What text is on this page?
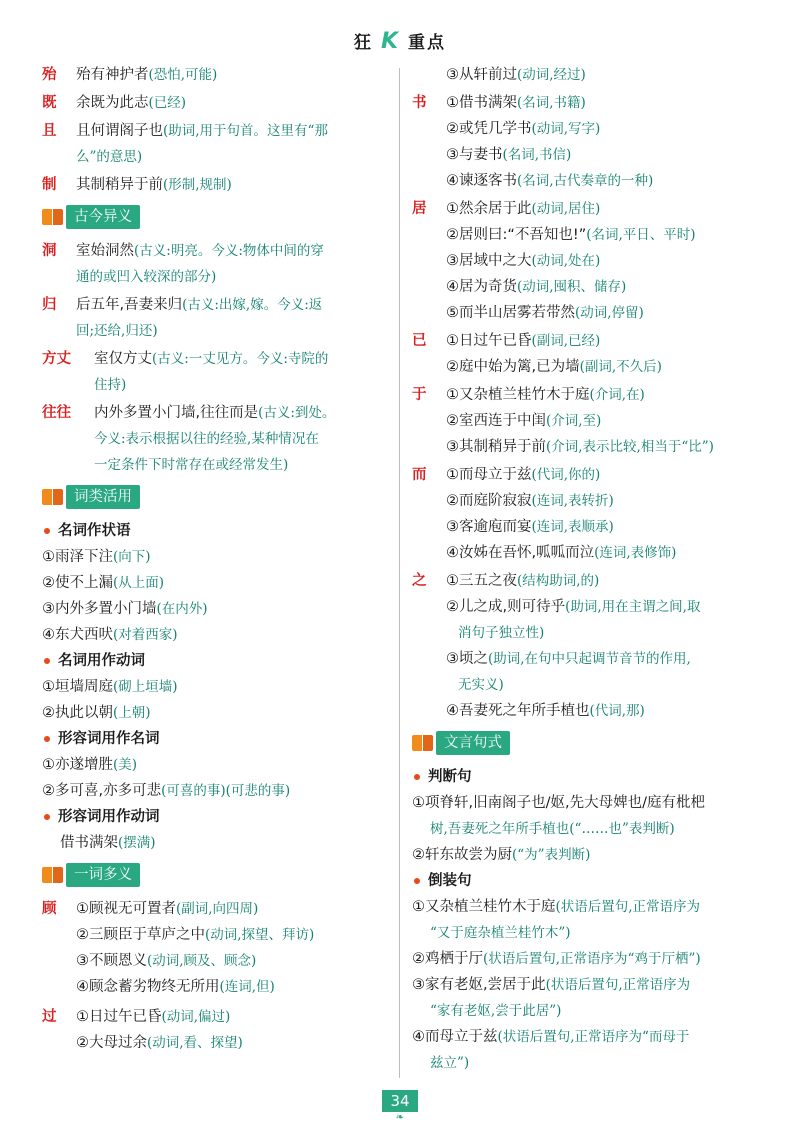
狂 K 重点
殆	殆有神护者(恐怕,可能)
既	余既为此志(已经)
且	且何谓阁子也(助词,用于句首。这里有“那
么”的意思)
制	其制稍异于前(形制,规制)
古今异义
洞	室始洞然(古义:明亮。今义:物体中间的穿
通的或凹入较深的部分)
归	后五年,吾妻来归(古义:出嫁,嫁。今义:返
回;还给,归还)
方丈	室仅方丈(古义:一丈见方。今义:寺院的
住持)
往往	内外多置小门墙,往往而是(古义:到处。
今义:表示根据以往的经验,某种情况在
一定条件下时常存在或经常发生)
词类活用
名词作状语
①雨泽下注(向下)
②使不上漏(从上面)
③内外多置小门墙(在内外)
④东犬西吠(对着西家)
名词用作动词
①垣墙周庭(砌上垣墙)
②执此以朝(上朝)
形容词用作名词
①亦遂增胜(美)
②多可喜,亦多可悲(可喜的事)(可悲的事)
形容词用作动词
借书满架(摆满)
一词多义
顾	①顾视无可置者(副词,向四周)
②三顾臣于草庐之中(动词,探望、拜访)
③不顾恩义(动词,顾及、顾念)
④顾念蓄劣物终无所用(连词,但)
过	①日过午已昏(动词,偏过)
②大母过余(动词,看、探望)
③从轩前过(动词,经过)
书	①借书满架(名词,书籍)
②或凭几学书(动词,写字)
③与妻书(名词,书信)
④谏逐客书(名词,古代奏章的一种)
居	①然余居于此(动词,居住)
②居则曰:“不吾知也!”(名词,平日、平时)
③居域中之大(动词,处在)
④居为奇货(动词,囤积、储存)
⑤而半山居雾若带然(动词,停留)
已	①日过午已昏(副词,已经)
②庭中始为篱,已为墙(副词,不久后)
于	①又杂植兰桂竹木于庭(介词,在)
②室西连于中闺(介词,至)
③其制稍异于前(介词,表示比较,相当于“比”)
而	①而母立于兹(代词,你的)
②而庭阶寂寂(连词,表转折)
③客逾庖而宴(连词,表顺承)
④汝姊在吾怀,呱呱而泣(连词,表修饰)
之	①三五之夜(结构助词,的)
②儿之成,则可待乎(助词,用在主谓之间,取
消句子独立性)
③顷之(助词,在句中只起调节音节的作用,
无实义)
④吾妻死之年所手植也(代词,那)
文言句式
判断句
①项脊轩,旧南阁子也/妪,先大母婢也/庭有枇杷
树,吾妻死之年所手植也(“……也”表判断)
②轩东故尝为厨(“为”表判断)
倒装句
①又杂植兰桂竹木于庭(状语后置句,正常语序为
“又于庭杂植兰桂竹木”)
②鸡栖于厅(状语后置句,正常语序为“鸡于厅栖”)
③家有老妪,尝居于此(状语后置句,正常语序为
“家有老妪,尝于此居”)
④而母立于兹(状语后置句,正常语序为“而母于
兹立”)
34
❧
